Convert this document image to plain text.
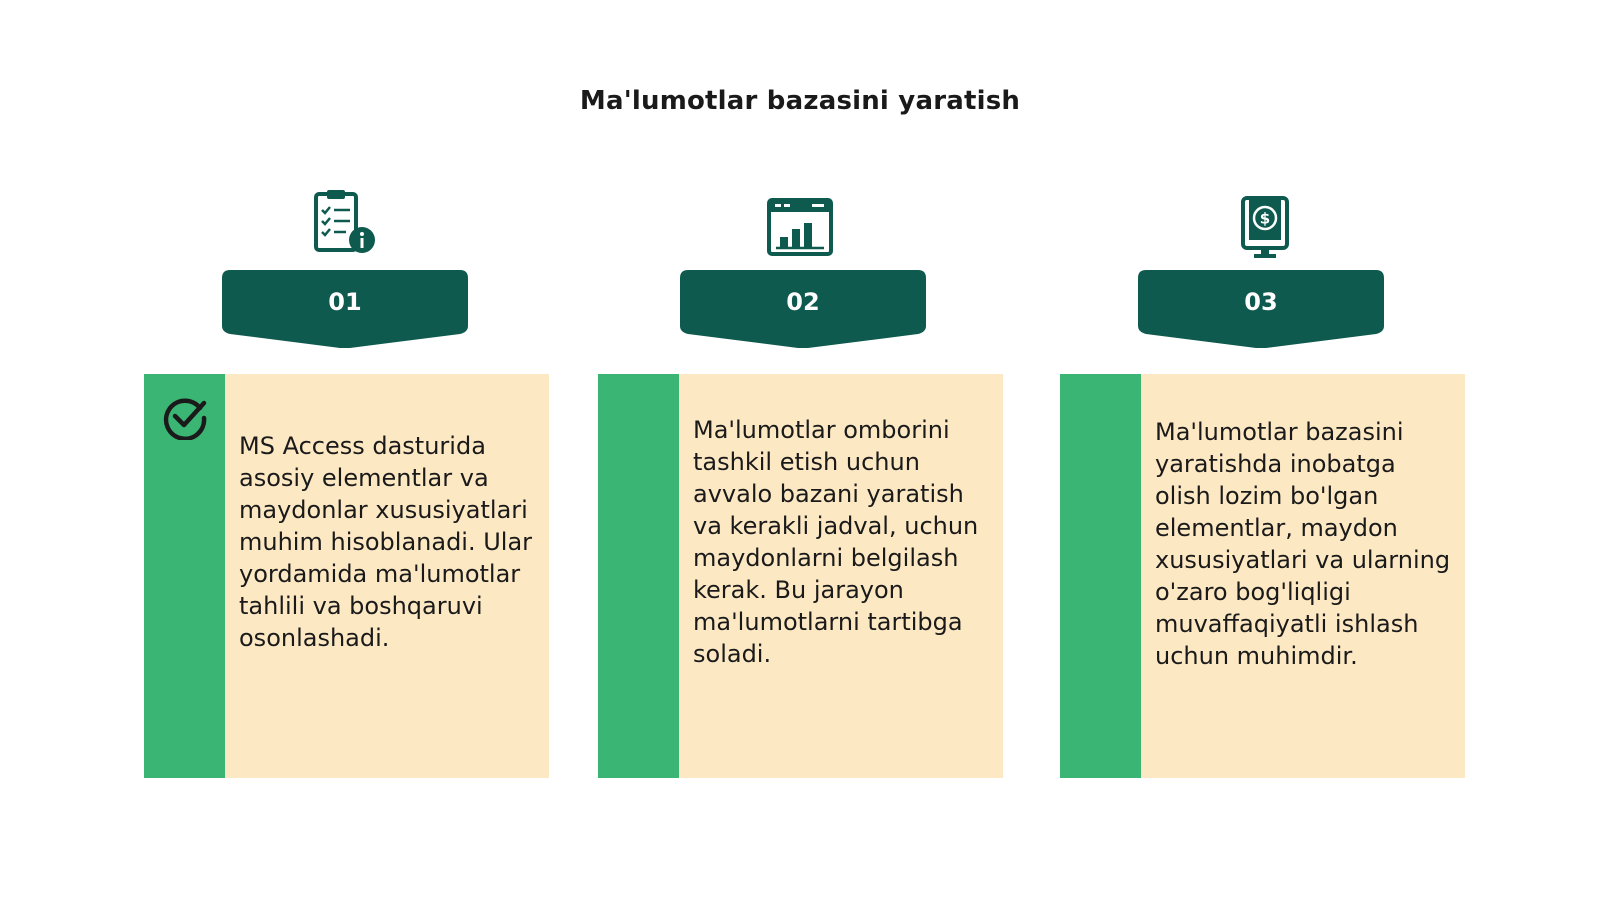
Ma'lumotlar bazasini yaratish
01

MS Access dasturida asosiy elementlar va maydonlar xususiyatlari muhim hisoblanadi. Ular yordamida ma'lumotlar tahlili va boshqaruvi osonlashadi.

02

Ma'lumotlar omborini tashkil etish uchun avvalo bazani yaratish va kerakli jadval, uchun maydonlarni belgilash kerak. Bu jarayon ma'lumotlarni tartibga soladi.

$
03

Ma'lumotlar bazasini yaratishda inobatga olish lozim bo'lgan elementlar, maydon xususiyatlari va ularning o'zaro bog'liqligi muvaffaqiyatli ishlash uchun muhimdir.
